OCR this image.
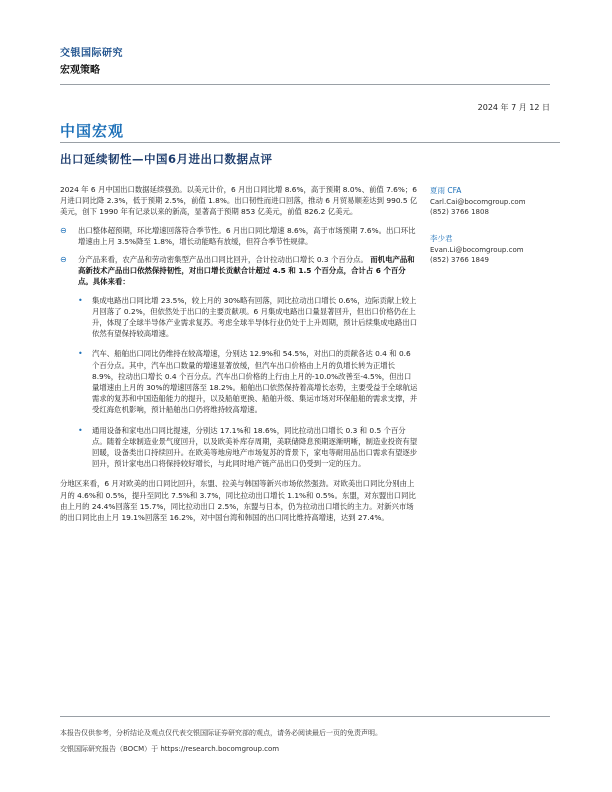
交银国际研究
宏观策略
2024 年 7 月 12 日
中国宏观
出口延续韧性—中国6月进出口数据点评

2024 年 6 月中国出口数据延续强劲。以美元计价，6 月出口同比增 8.6%，高于预期 8.0%、前值 7.6%；6 月进口同比降 2.3%，低于预期 2.5%，前值 1.8%。出口韧性而进口回落，推动 6 月贸易顺差达到 990.5 亿美元，创下 1990 年有记录以来的新高，显著高于预期 853 亿美元，前值 826.2 亿美元。

⊖ 出口整体超预期，环比增速回落符合季节性。6 月出口同比增速 8.6%，高于市场预期 7.6%。出口环比增速由上月 3.5%降至 1.8%，增长动能略有放缓，但符合季节性规律。
⊖ 分产品来看，农产品和劳动密集型产品出口同比回升，合计拉动出口增长 0.3 个百分点。 而机电产品和高新技术产品出口依然保持韧性，对出口增长贡献合计超过 4.5 和 1.5 个百分点，合计占 6 个百分点。具体来看：
• 集成电路出口同比增 23.5%，较上月的 30%略有回落，同比拉动出口增长 0.6%，边际贡献上较上月回落了 0.2%，但依然处于出口的主要贡献项。6 月集成电路出口量显著回升，但出口价格仍在上升，体现了全球半导体产业需求复苏。考虑全球半导体行业仍处于上升周期，预计后续集成电路出口依然有望保持较高增速。
• 汽车、船舶出口同比仍维持在较高增速，分别达 12.9%和 54.5%，对出口的贡献各达 0.4 和 0.6 个百分点。其中，汽车出口数量的增速显著放缓，但汽车出口价格由上月的负增长转为正增长 8.9%，拉动出口增长 0.4 个百分点。汽车出口价格的上行由上月的-10.0%改善至-4.5%，但出口量增速由上月的 30%的增速回落至 18.2%。船舶出口依然保持着高增长态势，主要受益于全球航运需求的复苏和中国造船能力的提升，以及船舶更换、船舶升级、集运市场对环保船舶的需求支撑，并受红海危机影响，预计船舶出口仍将维持较高增速。
• 通用设备和家电出口同比提速，分别达 17.1%和 18.6%，同比拉动出口增长 0.3 和 0.5 个百分点。随着全球制造业景气度回升，以及欧美补库存周期，美联储降息预期逐渐明晰，制造业投资有望回暖，设备类出口持续回升。在欧美等地房地产市场复苏的背景下，家电等耐用品出口需求有望逐步回升，预计家电出口将保持较好增长，与此同时地产链产品出口仍受到一定的压力。

分地区来看，6 月对欧美的出口同比回升，东盟、拉美与韩国等新兴市场依然强劲。对欧美出口同比分别由上月的 4.6%和 0.5%，提升至同比 7.5%和 3.7%，同比拉动出口增长 1.1%和 0.5%。东盟，对东盟出口同比由上月的 24.4%回落至 15.7%，同比拉动出口 2.5%，东盟与日本，仍为拉动出口增长的主力。对新兴市场的出口同比由上月 19.1%回落至 16.2%，对中国台湾和韩国的出口同比维持高增速，达到 27.4%。

夏雨 CFA
Carl.Cai@bocomgroup.com
(852) 3766 1808
李少君
Evan.Li@bocomgroup.com
(852) 3766 1849
本报告仅供参考，分析结论及观点仅代表交银国际证券研究部的观点，请务必阅读最后一页的免责声明。
交银国际研究报告（BOCM）于 https://research.bocomgroup.com
